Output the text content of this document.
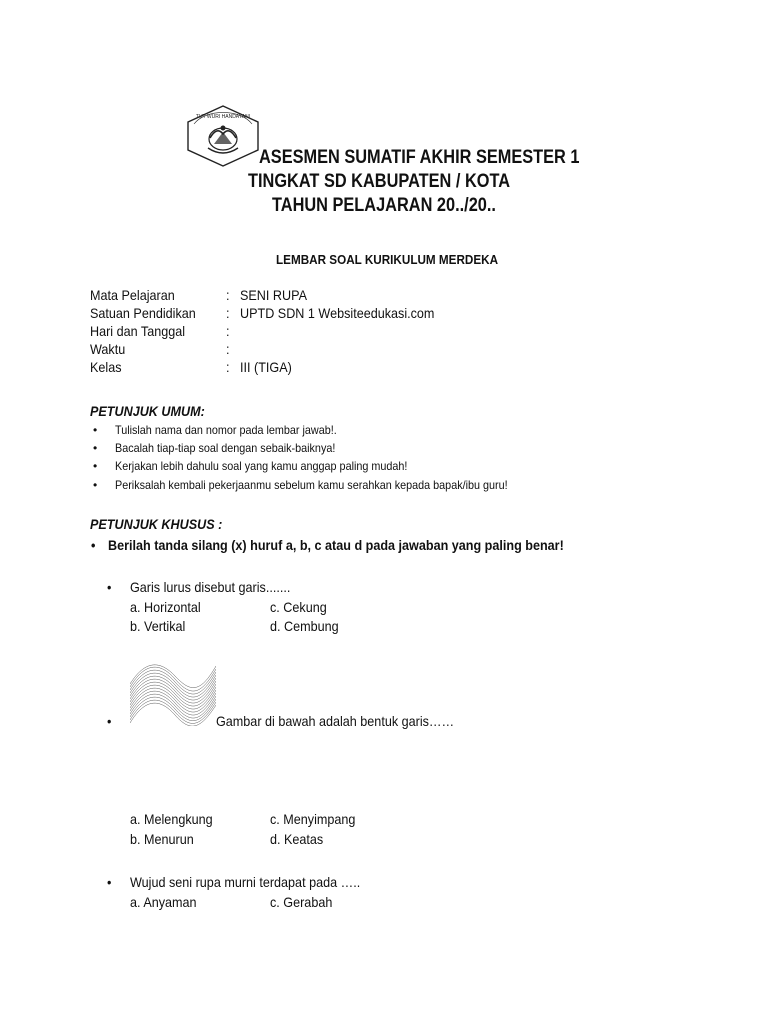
TUT WURI HANDAYANI
ASESMEN SUMATIF AKHIR SEMESTER 1
TINGKAT SD KABUPATEN / KOTA
TAHUN PELAJARAN 20../20..
LEMBAR SOAL KURIKULUM MERDEKA
Mata Pelajaran	: SENI RUPA
Satuan Pendidikan : UPTD SDN 1 Websiteedukasi.com
Hari dan Tanggal	:
Waktu	:
Kelas	: III (TIGA)
PETUNJUK UMUM:
• Tulislah nama dan nomor pada lembar jawab!.
• Bacalah tiap-tiap soal dengan sebaik-baiknya!
• Kerjakan lebih dahulu soal yang kamu anggap paling mudah!
• Periksalah kembali pekerjaanmu sebelum kamu serahkan kepada bapak/ibu guru!
PETUNJUK KHUSUS :
• Berilah tanda silang (x) huruf a, b, c atau d pada jawaban yang paling benar!
• Garis lurus disebut garis.......
a. Horizontal	c. Cekung
b. Vertikal	d. Cembung
•	Gambar di bawah adalah bentuk garis……
a. Melengkung	c. Menyimpang
b. Menurun	d. Keatas
• Wujud seni rupa murni terdapat pada …..
a. Anyaman	c. Gerabah
